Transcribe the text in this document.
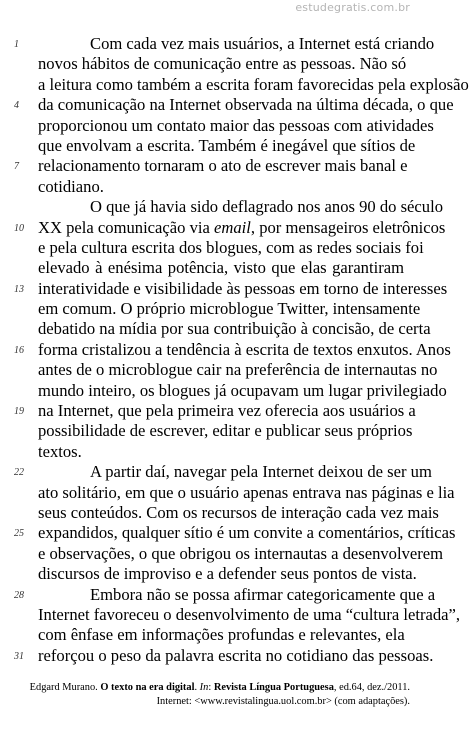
estudegratis.com.br
1	Com cada vez mais usuários, a Internet está criando
novos hábitos de comunicação entre as pessoas. Não só
a leitura como também a escrita foram favorecidas pela explosão
4	da comunicação na Internet observada na última década, o que
proporcionou um contato maior das pessoas com atividades
que envolvam a escrita. Também é inegável que sítios de
7	relacionamento tornaram o ato de escrever mais banal e
cotidiano.
O que já havia sido deflagrado nos anos 90 do século
10 XX pela comunicação via email, por mensageiros eletrônicos
e pela cultura escrita dos blogues, com as redes sociais foi
elevado à enésima potência, visto que elas garantiram
13 interatividade e visibilidade às pessoas em torno de interesses
em comum. O próprio microblogue Twitter, intensamente
debatido na mídia por sua contribuição à concisão, de certa
16 forma cristalizou a tendência à escrita de textos enxutos. Anos
antes de o microblogue cair na preferência de internautas no
mundo inteiro, os blogues já ocupavam um lugar privilegiado
19 na Internet, que pela primeira vez oferecia aos usuários a
possibilidade de escrever, editar e publicar seus próprios
textos.
22	A partir daí, navegar pela Internet deixou de ser um
ato solitário, em que o usuário apenas entrava nas páginas e lia
seus conteúdos. Com os recursos de interação cada vez mais
25 expandidos, qualquer sítio é um convite a comentários, críticas
e observações, o que obrigou os internautas a desenvolverem
discursos de improviso e a defender seus pontos de vista.
28	Embora não se possa afirmar categoricamente que a
Internet favoreceu o desenvolvimento de uma “cultura letrada”,
com ênfase em informações profundas e relevantes, ela
31 reforçou o peso da palavra escrita no cotidiano das pessoas.
Edgard Murano. O texto na era digital. In: Revista Língua Portuguesa, ed.64, dez./2011. Internet: <www.revistalingua.uol.com.br> (com adaptações).
